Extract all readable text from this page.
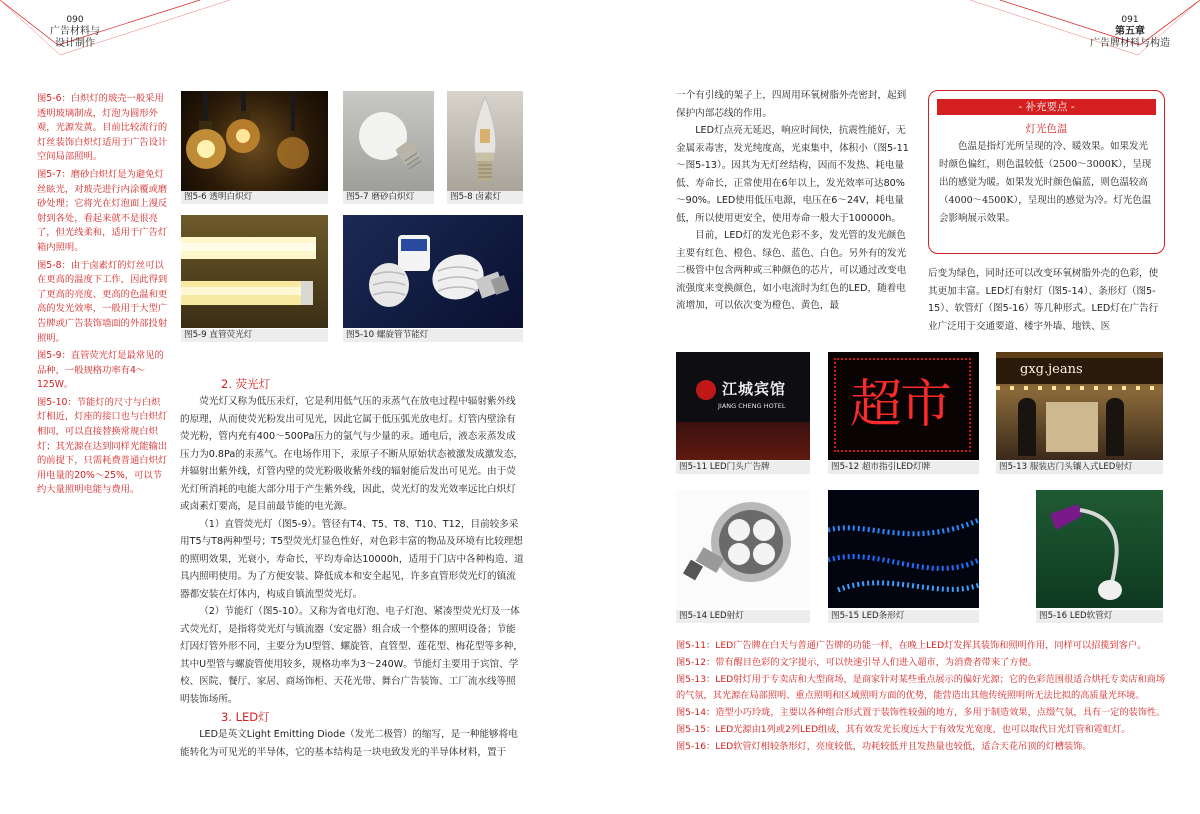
090
广告材料与
设计制作
091
第五章
广告牌材料与构造

图5-6：白炽灯的玻壳一般采用透明玻璃制成，灯泡为圆形外观，光源发黄。目前比较流行的灯丝装饰白炽灯适用于广告设计空间局部照明。

图5-7：磨砂白炽灯是为避免灯丝眩光，对玻壳进行内涂覆或磨砂处理；它将光在灯泡面上漫反射到各处，看起来就不是很亮了，但光线柔和，适用于广告灯箱内照明。

图5-8：由于卤素灯的灯丝可以在更高的温度下工作，因此得到了更高的亮度、更高的色温和更高的发光效率，一般用于大型广告牌或广告装饰墙面的外部投射照明。

图5-9：直管荧光灯是最常见的品种，一般规格功率有4～125W。

图5-10：节能灯的尺寸与白炽灯相近，灯座的接口也与白炽灯相同，可以直接替换常规白炽灯；其光源在达到同样光能输出的前提下，只需耗费普通白炽灯用电量的20%～25%，可以节约大量照明电能与费用。

图5-6 透明白炽灯	图5-7 磨砂白炽灯	图5-8 卤素灯
图5-9 直管荧光灯	图5-10 螺旋管节能灯

2. 荧光灯

荧光灯又称为低压汞灯，它是利用低气压的汞蒸气在放电过程中辐射紫外线的原理，从而使荧光粉发出可见光，因此它属于低压弧光放电灯。灯管内壁涂有荧光粉，管内充有400～500Pa压力的氩气与少量的汞。通电后，液态汞蒸发成压力为0.8Pa的汞蒸气。在电场作用下，汞原子不断从原始状态被激发成激发态，并辐射出紫外线，灯管内壁的荧光粉吸收紫外线的辐射能后发出可见光。由于荧光灯所消耗的电能大部分用于产生紫外线，因此，荧光灯的发光效率远比白炽灯或卤素灯要高，是目前最节能的电光源。

（1）直管荧光灯（图5-9）。管径有T4、T5、T8、T10、T12，目前较多采用T5与T8两种型号；T5型荧光灯显色性好，对色彩丰富的物品及环境有比较理想的照明效果，光衰小，寿命长，平均寿命达10000h，适用于门店中各种构造、道具内照明使用。为了方便安装、降低成本和安全起见，许多直管形荧光灯的镇流器都安装在灯体内，构成自镇流型荧光灯。

（2）节能灯（图5-10）。又称为省电灯泡、电子灯泡、紧凑型荧光灯及一体式荧光灯，是指将荧光灯与镇流器（安定器）组合成一个整体的照明设备；节能灯因灯管外形不同，主要分为U型管、螺旋管、直管型、莲花型、梅花型等多种，其中U型管与螺旋管使用较多，规格功率为3～240W。节能灯主要用于宾馆、学校、医院、餐厅、家居、商场饰柜、天花光带、舞台广告装饰、工厂流水线等照明装饰场所。

3. LED灯

LED是英文Light Emitting Diode（发光二极管）的缩写，是一种能够将电能转化为可见光的半导体，它的基本结构是一块电致发光的半导体材料，置于

一个有引线的架子上，四周用环氧树脂外壳密封，起到保护内部芯线的作用。

LED灯点亮无延迟，响应时间快，抗震性能好，无金属汞毒害，发光纯度高，光束集中，体积小（图5-11～图5-13）。因其为无灯丝结构，因而不发热、耗电量低、寿命长，正常使用在6年以上，发光效率可达80%～90%。LED使用低压电源，电压在6～24V，耗电量低，所以使用更安全，使用寿命一般大于100000h。

目前，LED灯的发光色彩不多，发光管的发光颜色主要有红色、橙色、绿色、蓝色、白色。另外有的发光二极管中包含两种或三种颜色的芯片，可以通过改变电流强度来变换颜色，如小电流时为红色的LED，随着电流增加，可以依次变为橙色、黄色，最

后变为绿色，同时还可以改变环氧树脂外壳的色彩，使其更加丰富。LED灯有射灯（图5-14）、条形灯（图5-15）、软管灯（图5-16）等几种形式。LED灯在广告行业广泛用于交通要道、楼宇外墙、地铁、医

- 补充要点 -
灯光色温
色温是指灯光所呈现的冷、暖效果。如果发光时颜色偏红，则色温较低（2500～3000K），呈现出的感觉为暖。如果发光时颜色偏蓝，则色温较高（4000～4500K），呈现出的感觉为冷。灯光色温会影响展示效果。
江城宾馆
JIANG CHENG HOTEL
图5-11 LED门头广告牌
超市
图5-12 超市指引LED灯牌
gxg.jeans
图5-13 服装店门头镶入式LED射灯
图5-14 LED射灯	图5-15 LED条形灯	图5-16 LED软管灯

图5-11：LED广告牌在白天与普通广告牌的功能一样，在晚上LED灯发挥其装饰和照明作用，同样可以招揽到客户。

图5-12：带有醒目色彩的文字提示，可以快速引导人们进入超市，为消费者带来了方便。

图5-13：LED射灯用于专卖店和大型商场，是商家针对某些重点展示的偏好光源；它的色彩范围很适合烘托专卖店和商场的气氛，其光源在局部照明、重点照明和区域照明方面的优势，能营造出其他传统照明所无法比拟的高质量光环境。

图5-14：造型小巧玲珑，主要以各种组合形式置于装饰性较强的地方，多用于制造效果，点缀气氛，具有一定的装饰性。

图5-15：LED光源由1列或2列LED组成，其有效发光长度远大于有效发光宽度，也可以取代日光灯管和霓虹灯。

图5-16：LED软管灯相较条形灯，亮度较低，功耗较低并且发热量也较低，适合天花吊顶的灯槽装饰。
